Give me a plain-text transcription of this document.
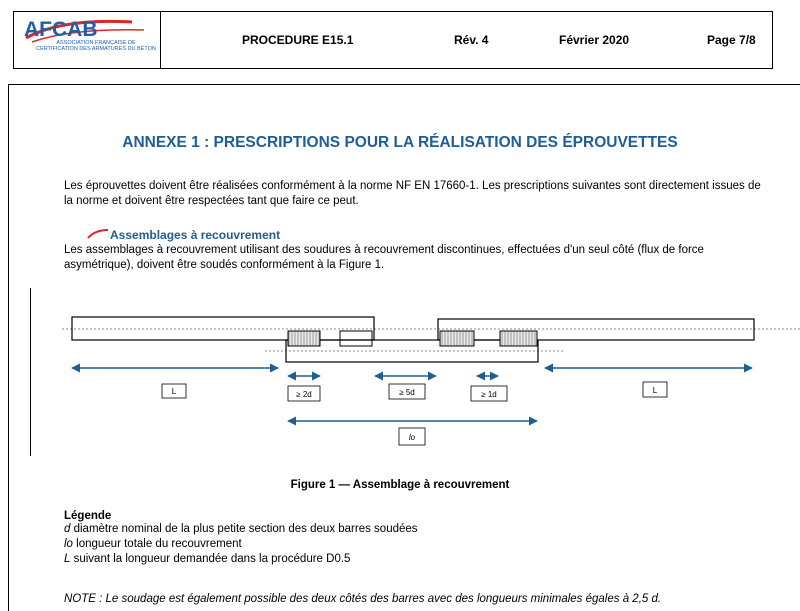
AFCAB
ASSOCIATION FRANÇAISE DE CERTIFICATION DES ARMATURES DU BÉTON
PROCEDURE E15.1	Rév. 4	Février 2020	Page 7/8
ANNEXE 1 : PRESCRIPTIONS POUR LA RÉALISATION DES ÉPROUVETTES
Les éprouvettes doivent être réalisées conformément à la norme NF EN 17660-1. Les prescriptions suivantes sont directement issues de la norme et doivent être respectées tant que faire ce peut.
Assemblages à recouvrement
Les assemblages à recouvrement utilisant des soudures à recouvrement discontinues, effectuées d'un seul côté (flux de force asymétrique), doivent être soudés conformément à la Figure 1.
L	≥ 2d	≥ 5d	≥ 1d	L
lo
Figure 1 — Assemblage à recouvrement
Légende
d diamètre nominal de la plus petite section des deux barres soudées
lo longueur totale du recouvrement
L suivant la longueur demandée dans la procédure D0.5
NOTE : Le soudage est également possible des deux côtés des barres avec des longueurs minimales égales à 2,5 d.
